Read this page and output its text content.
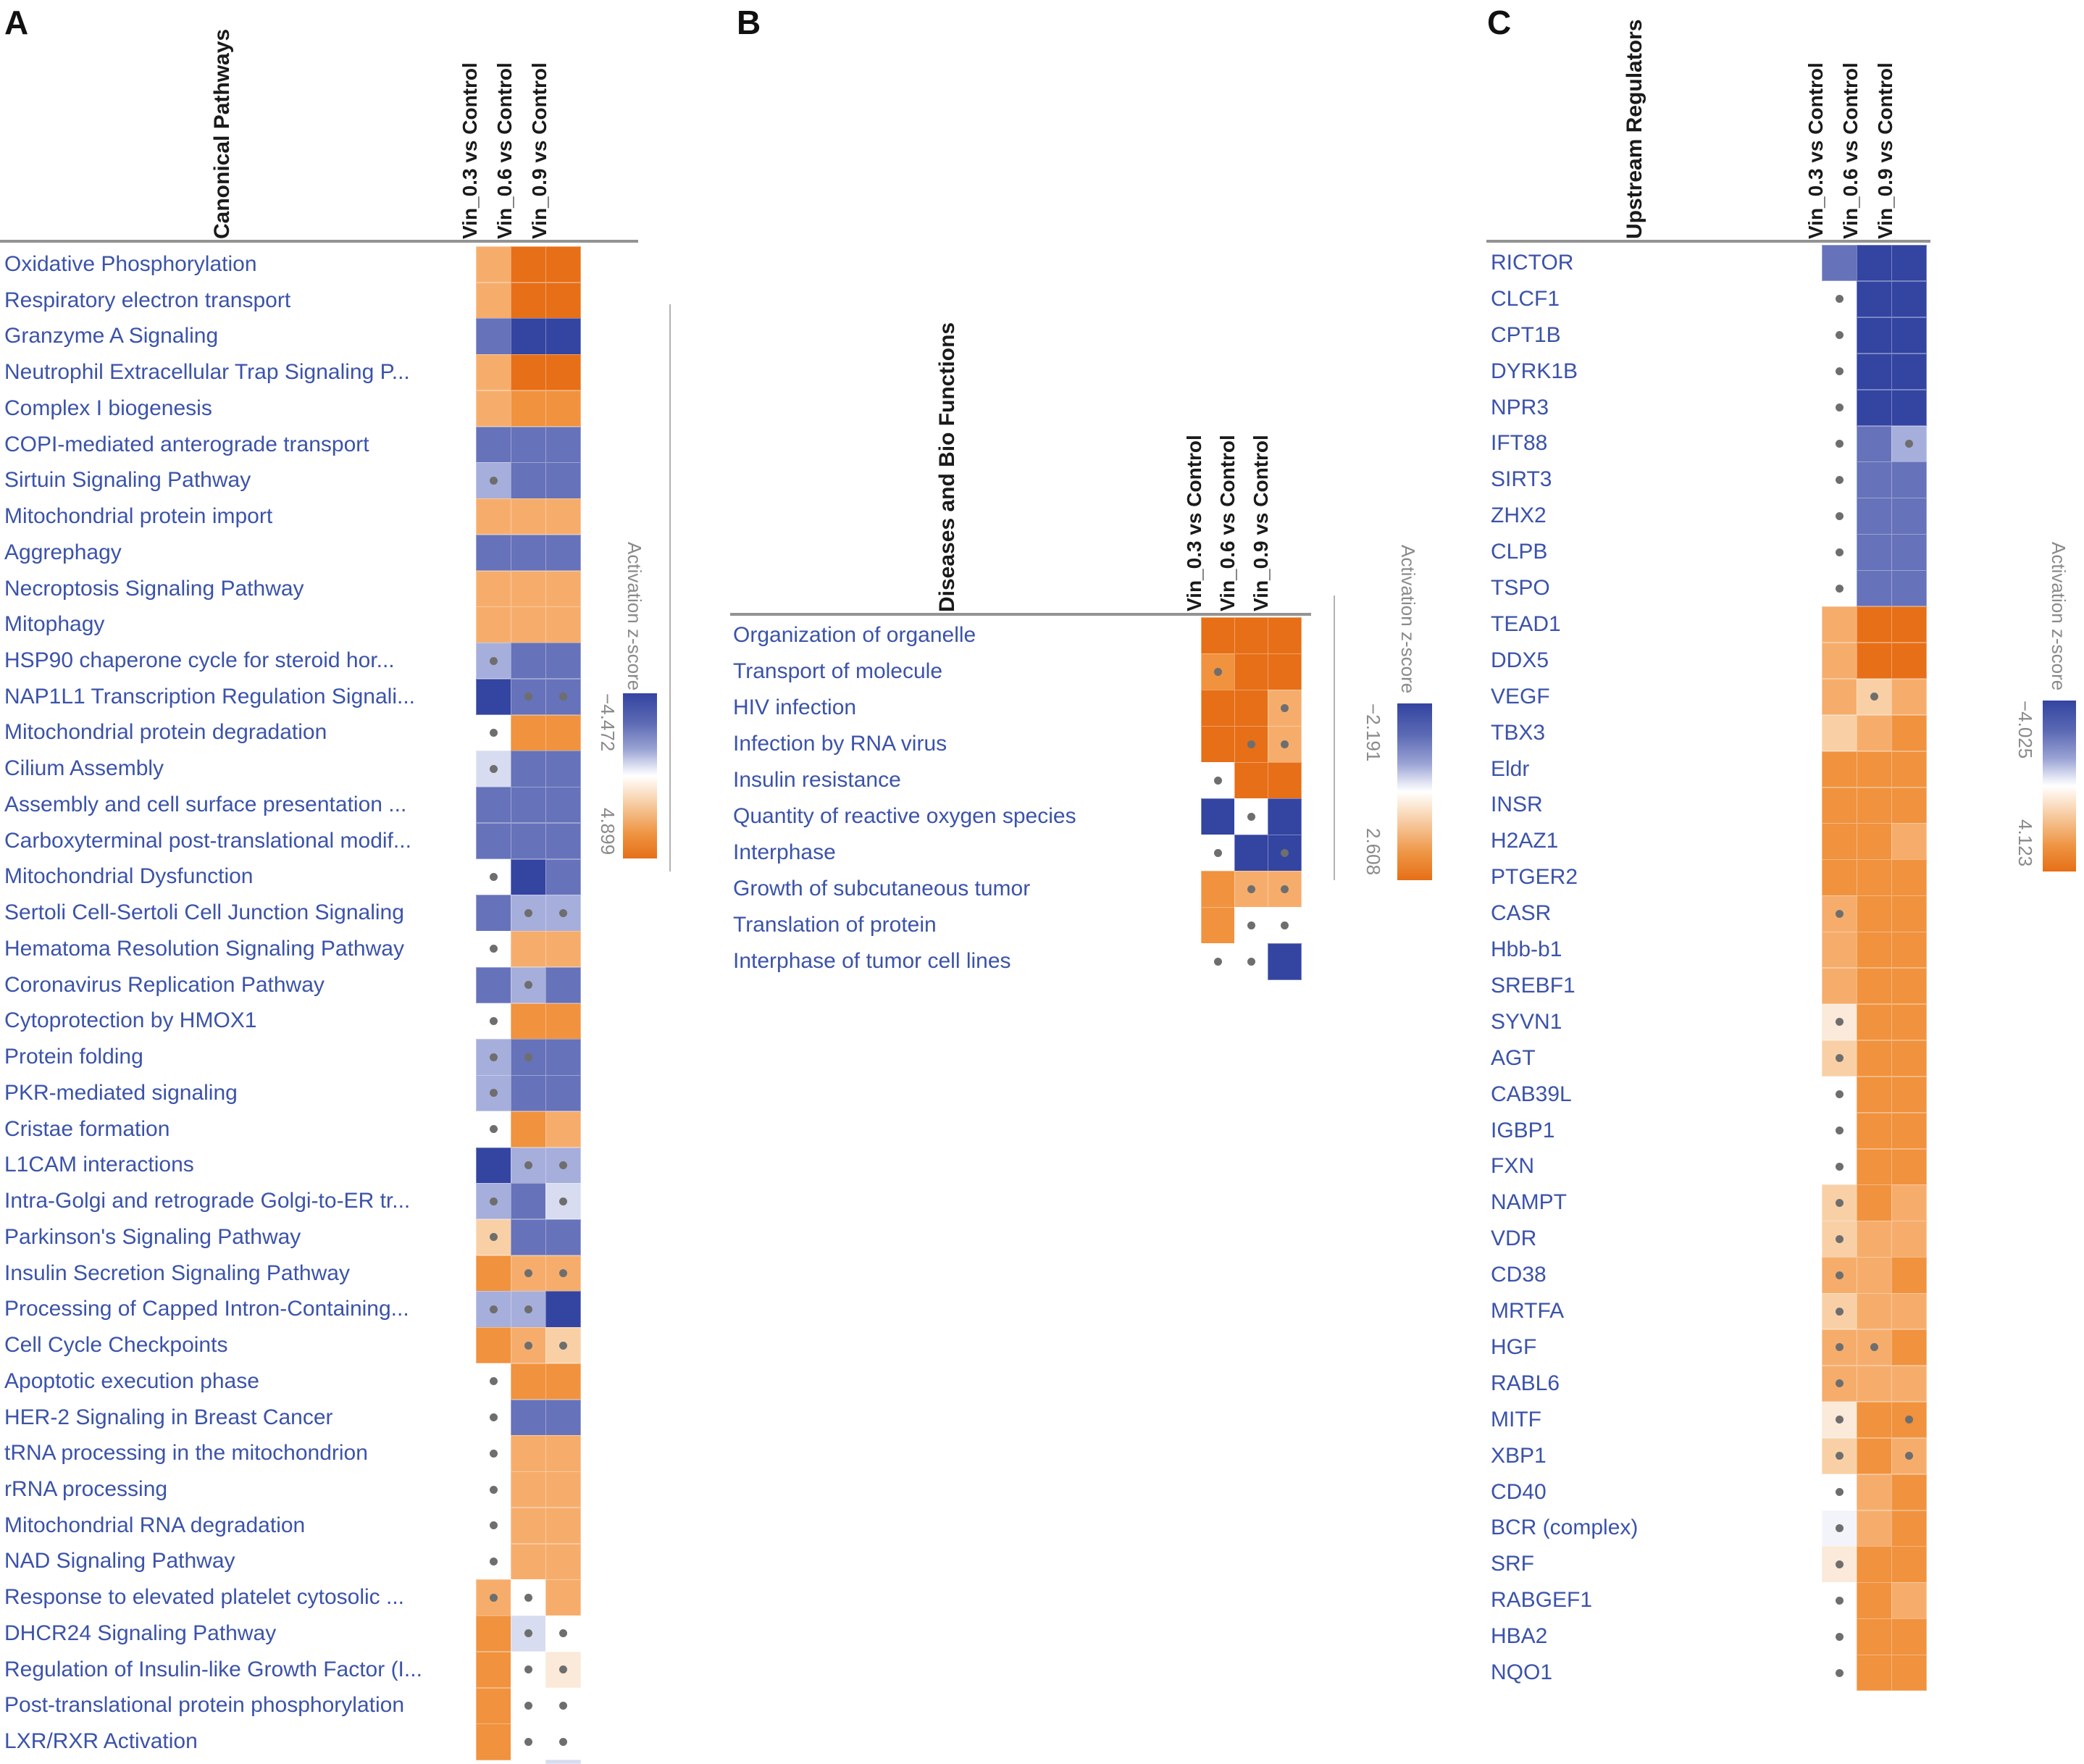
A
Canonical Pathways
Activation z-score
−4.472
4.899
Vin_0.3 vs Control Vin_0.6 vs Control Vin_0.9 vs Control
Oxidative Phosphorylation
Respiratory electron transport
Granzyme A Signaling
Neutrophil Extracellular Trap Signaling P...
Complex I biogenesis
COPI-mediated anterograde transport
Sirtuin Signaling Pathway
Mitochondrial protein import
Aggrephagy
Necroptosis Signaling Pathway
Mitophagy
HSP90 chaperone cycle for steroid hor...
NAP1L1 Transcription Regulation Signali...
Mitochondrial protein degradation
Cilium Assembly
Assembly and cell surface presentation ...
Carboxyterminal post-translational modif...
Mitochondrial Dysfunction
Sertoli Cell-Sertoli Cell Junction Signaling
Hematoma Resolution Signaling Pathway
Coronavirus Replication Pathway
Cytoprotection by HMOX1
Protein folding
PKR-mediated signaling
Cristae formation
L1CAM interactions
Intra-Golgi and retrograde Golgi-to-ER tr...
Parkinson's Signaling Pathway
Insulin Secretion Signaling Pathway
Processing of Capped Intron-Containing...
Cell Cycle Checkpoints
Apoptotic execution phase
HER-2 Signaling in Breast Cancer
tRNA processing in the mitochondrion
rRNA processing
Mitochondrial RNA degradation
NAD Signaling Pathway
Response to elevated platelet cytosolic ...
DHCR24 Signaling Pathway
Regulation of Insulin-like Growth Factor (I...
Post-translational protein phosphorylation
LXR/RXR Activation
B
Diseases and Bio Functions
Activation z-score
−2.191
2.608
Vin_0.3 vs Control Vin_0.6 vs Control Vin_0.9 vs Control
Organization of organelle
Transport of molecule
HIV infection
Infection by RNA virus
Insulin resistance
Quantity of reactive oxygen species
Interphase
Growth of subcutaneous tumor
Translation of protein
Interphase of tumor cell lines
C	Upstream Regulators
Activation z-score
−4.025
4.123
Vin_0.3 vs Control Vin_0.6 vs Control Vin_0.9 vs Control
RICTOR
CLCF1
CPT1B
DYRK1B
NPR3
IFT88
SIRT3
ZHX2
CLPB
TSPO
TEAD1
DDX5
VEGF
TBX3
Eldr
INSR
H2AZ1
PTGER2
CASR
Hbb-b1
SREBF1
SYVN1
AGT
CAB39L
IGBP1
FXN
NAMPT
VDR
CD38
MRTFA
HGF
RABL6
MITF
XBP1
CD40
BCR (complex)
SRF
RABGEF1
HBA2
NQO1
